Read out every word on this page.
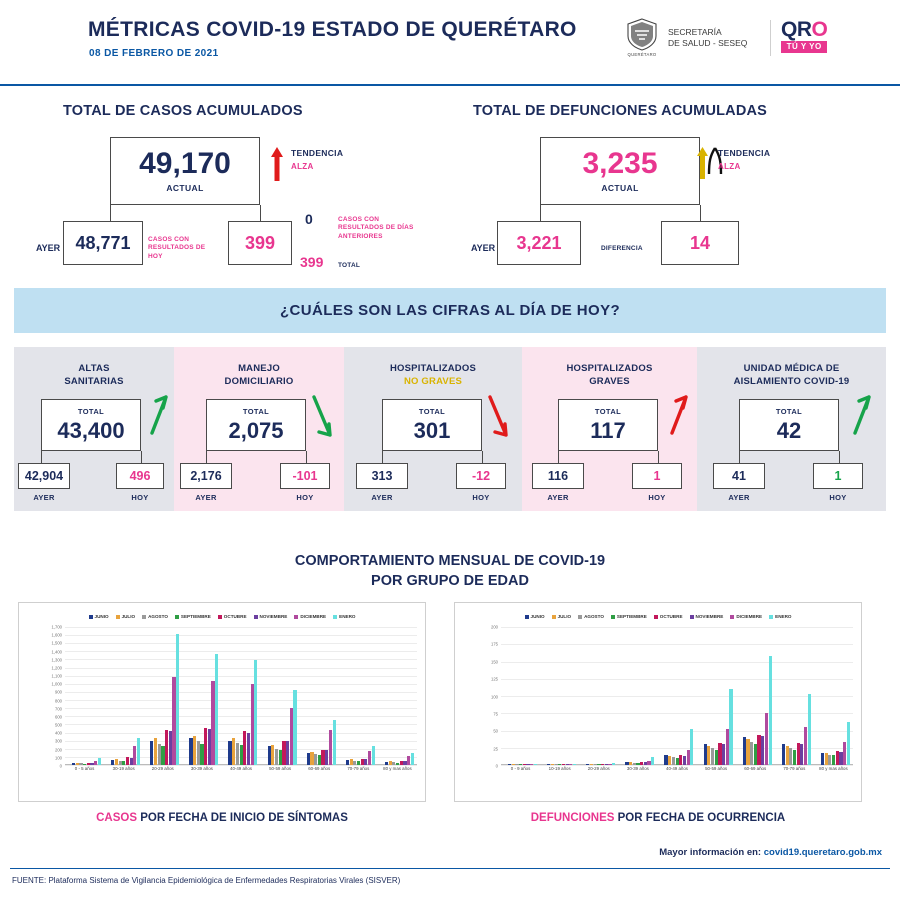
MÉTRICAS COVID-19 ESTADO DE QUERÉTARO
08 DE FEBRERO DE 2021	QUERÉTARO
SECRETARÍA
DE SALUD - SESEQ
QRO
TÚ Y YO
TOTAL DE CASOS ACUMULADOS
49,170
ACTUAL
AYER 48,771	CASOS CON RESULTADOS DE HOY
399
0	CASOS CON RESULTADOS DE DÍAS ANTERIORES
399 TOTAL
TENDENCIA
ALZA
TOTAL DE DEFUNCIONES ACUMULADAS
3,235
ACTUAL
AYER 3,221	DIFERENCIA	14
TENDENCIA
ALZA
¿CUÁLES SON LAS CIFRAS AL DÍA DE HOY?
ALTAS
SANITARIAS
TOTAL
43,400
42,904	496
AYER	HOY
MANEJO
DOMICILIARIO
TOTAL
2,075
2,176	-101
AYER	HOY
HOSPITALIZADOS
NO GRAVES
TOTAL
301
313	-12
AYER	HOY
HOSPITALIZADOS
GRAVES
TOTAL
117
116	1
AYER	HOY
UNIDAD MÉDICA DE
AISLAMIENTO COVID-19
TOTAL
42
41	1
AYER	HOY
COMPORTAMIENTO MENSUAL DE COVID-19
POR GRUPO DE EDAD
JUNIO	JULIO	AGOSTO	SEPTIEMBRE	OCTUBRE	NOVIEMBRE	DICIEMBRE	ENERO
0
100
200
300
400
500
600
700
800
900
1,000
1,100
1,200
1,300
1,400
1,500
1,600
1,700
0 - 5 años	30-19 años	20-29 años	30-39 años	40-49 años	50-59 años	60-69 años	70-79 años	80 y mas años
JUNIO	JULIO	AGOSTO	SEPTIEMBRE	OCTUBRE	NOVIEMBRE	DICIEMBRE	ENERO
0
25
50
75
100
125
150
175
200
0 - 9 años	10-19 años	20-29 años	30-39 años	40-49 años	50-59 años	60-69 años	70-79 años	80 y mas años
CASOS POR FECHA DE INICIO DE SÍNTOMAS	DEFUNCIONES POR FECHA DE OCURRENCIA
Mayor información en: covid19.queretaro.gob.mx
FUENTE: Plataforma Sistema de Vigilancia Epidemiológica de Enfermedades Respiratorias Virales (SISVER)
